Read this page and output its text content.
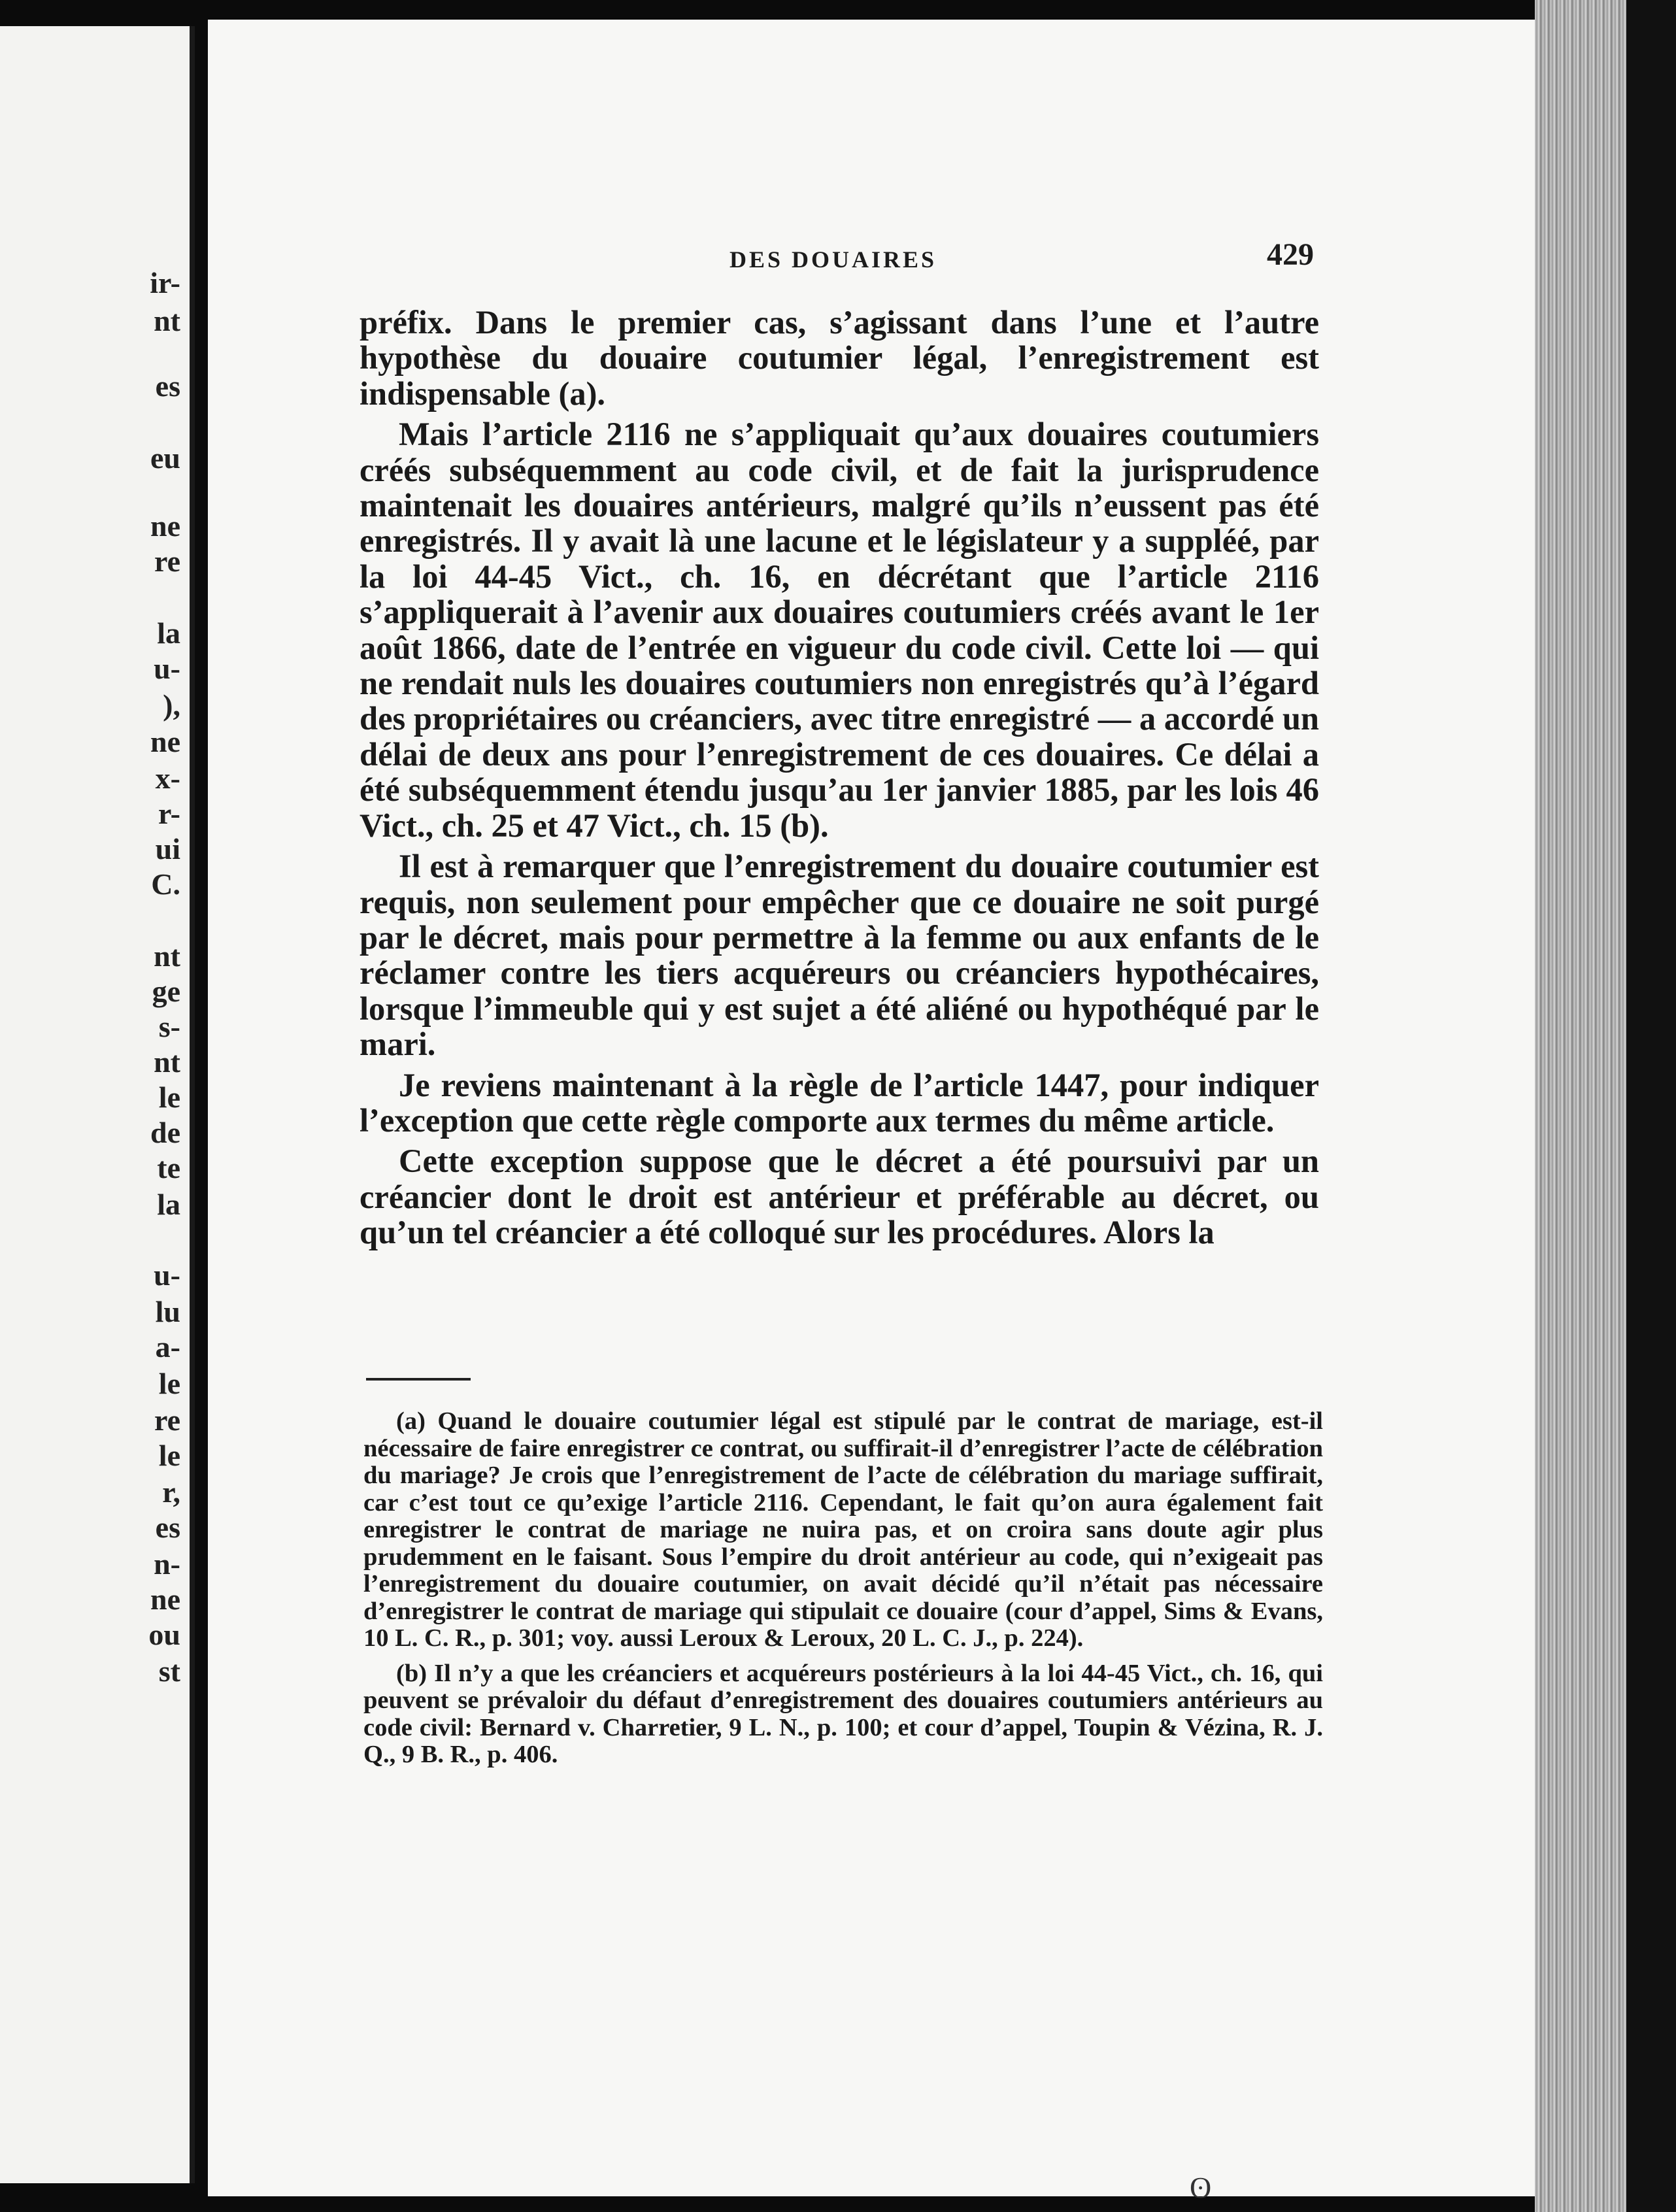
ir-
nt
es
eu
ne
re
la
u-
),
ne
x-
r-
ui
C.
nt
ge
s-
nt
le
de
te
la
u-
lu
a-
le
re
le
r,
es
n-
ne
ou
st
DES DOUAIRES	429

préfix. Dans le premier cas, s’agissant dans l’une et l’autre hypothèse du douaire coutumier légal, l’enregistrement est indispensable (a).

Mais l’article 2116 ne s’appliquait qu’aux douaires coutumiers créés subséquemment au code civil, et de fait la jurisprudence maintenait les douaires antérieurs, malgré qu’ils n’eussent pas été enregistrés. Il y avait là une lacune et le législateur y a suppléé, par la loi 44-45 Vict., ch. 16, en décrétant que l’article 2116 s’appliquerait à l’avenir aux douaires coutumiers créés avant le 1er août 1866, date de l’entrée en vigueur du code civil. Cette loi — qui ne rendait nuls les douaires coutumiers non enregistrés qu’à l’égard des propriétaires ou créanciers, avec titre enregistré — a accordé un délai de deux ans pour l’enregistrement de ces douaires. Ce délai a été subséquemment étendu jusqu’au 1er janvier 1885, par les lois 46 Vict., ch. 25 et 47 Vict., ch. 15 (b).

Il est à remarquer que l’enregistrement du douaire coutumier est requis, non seulement pour empêcher que ce douaire ne soit purgé par le décret, mais pour permettre à la femme ou aux enfants de le réclamer contre les tiers acquéreurs ou créanciers hypothécaires, lorsque l’immeuble qui y est sujet a été aliéné ou hypothéqué par le mari.

Je reviens maintenant à la règle de l’article 1447, pour indiquer l’exception que cette règle comporte aux termes du même article.

Cette exception suppose que le décret a été poursuivi par un créancier dont le droit est antérieur et préférable au décret, ou qu’un tel créancier a été colloqué sur les procédures. Alors la

(a) Quand le douaire coutumier légal est stipulé par le contrat de mariage, est-il nécessaire de faire enregistrer ce contrat, ou suffirait-il d’enregistrer l’acte de célébration du mariage? Je crois que l’enregistrement de l’acte de célébration du mariage suffirait, car c’est tout ce qu’exige l’article 2116. Cependant, le fait qu’on aura également fait enregistrer le contrat de mariage ne nuira pas, et on croira sans doute agir plus prudemment en le faisant. Sous l’empire du droit antérieur au code, qui n’exigeait pas l’enregistrement du douaire coutumier, on avait décidé qu’il n’était pas nécessaire d’enregistrer le contrat de mariage qui stipulait ce douaire (cour d’appel, Sims & Evans, 10 L. C. R., p. 301; voy. aussi Leroux & Leroux, 20 L. C. J., p. 224).

(b) Il n’y a que les créanciers et acquéreurs postérieurs à la loi 44-45 Vict., ch. 16, qui peuvent se prévaloir du défaut d’enregistrement des douaires coutumiers antérieurs au code civil: Bernard v. Charretier, 9 L. N., p. 100; et cour d’appel, Toupin & Vézina, R. J. Q., 9 B. R., p. 406.

ʘ
